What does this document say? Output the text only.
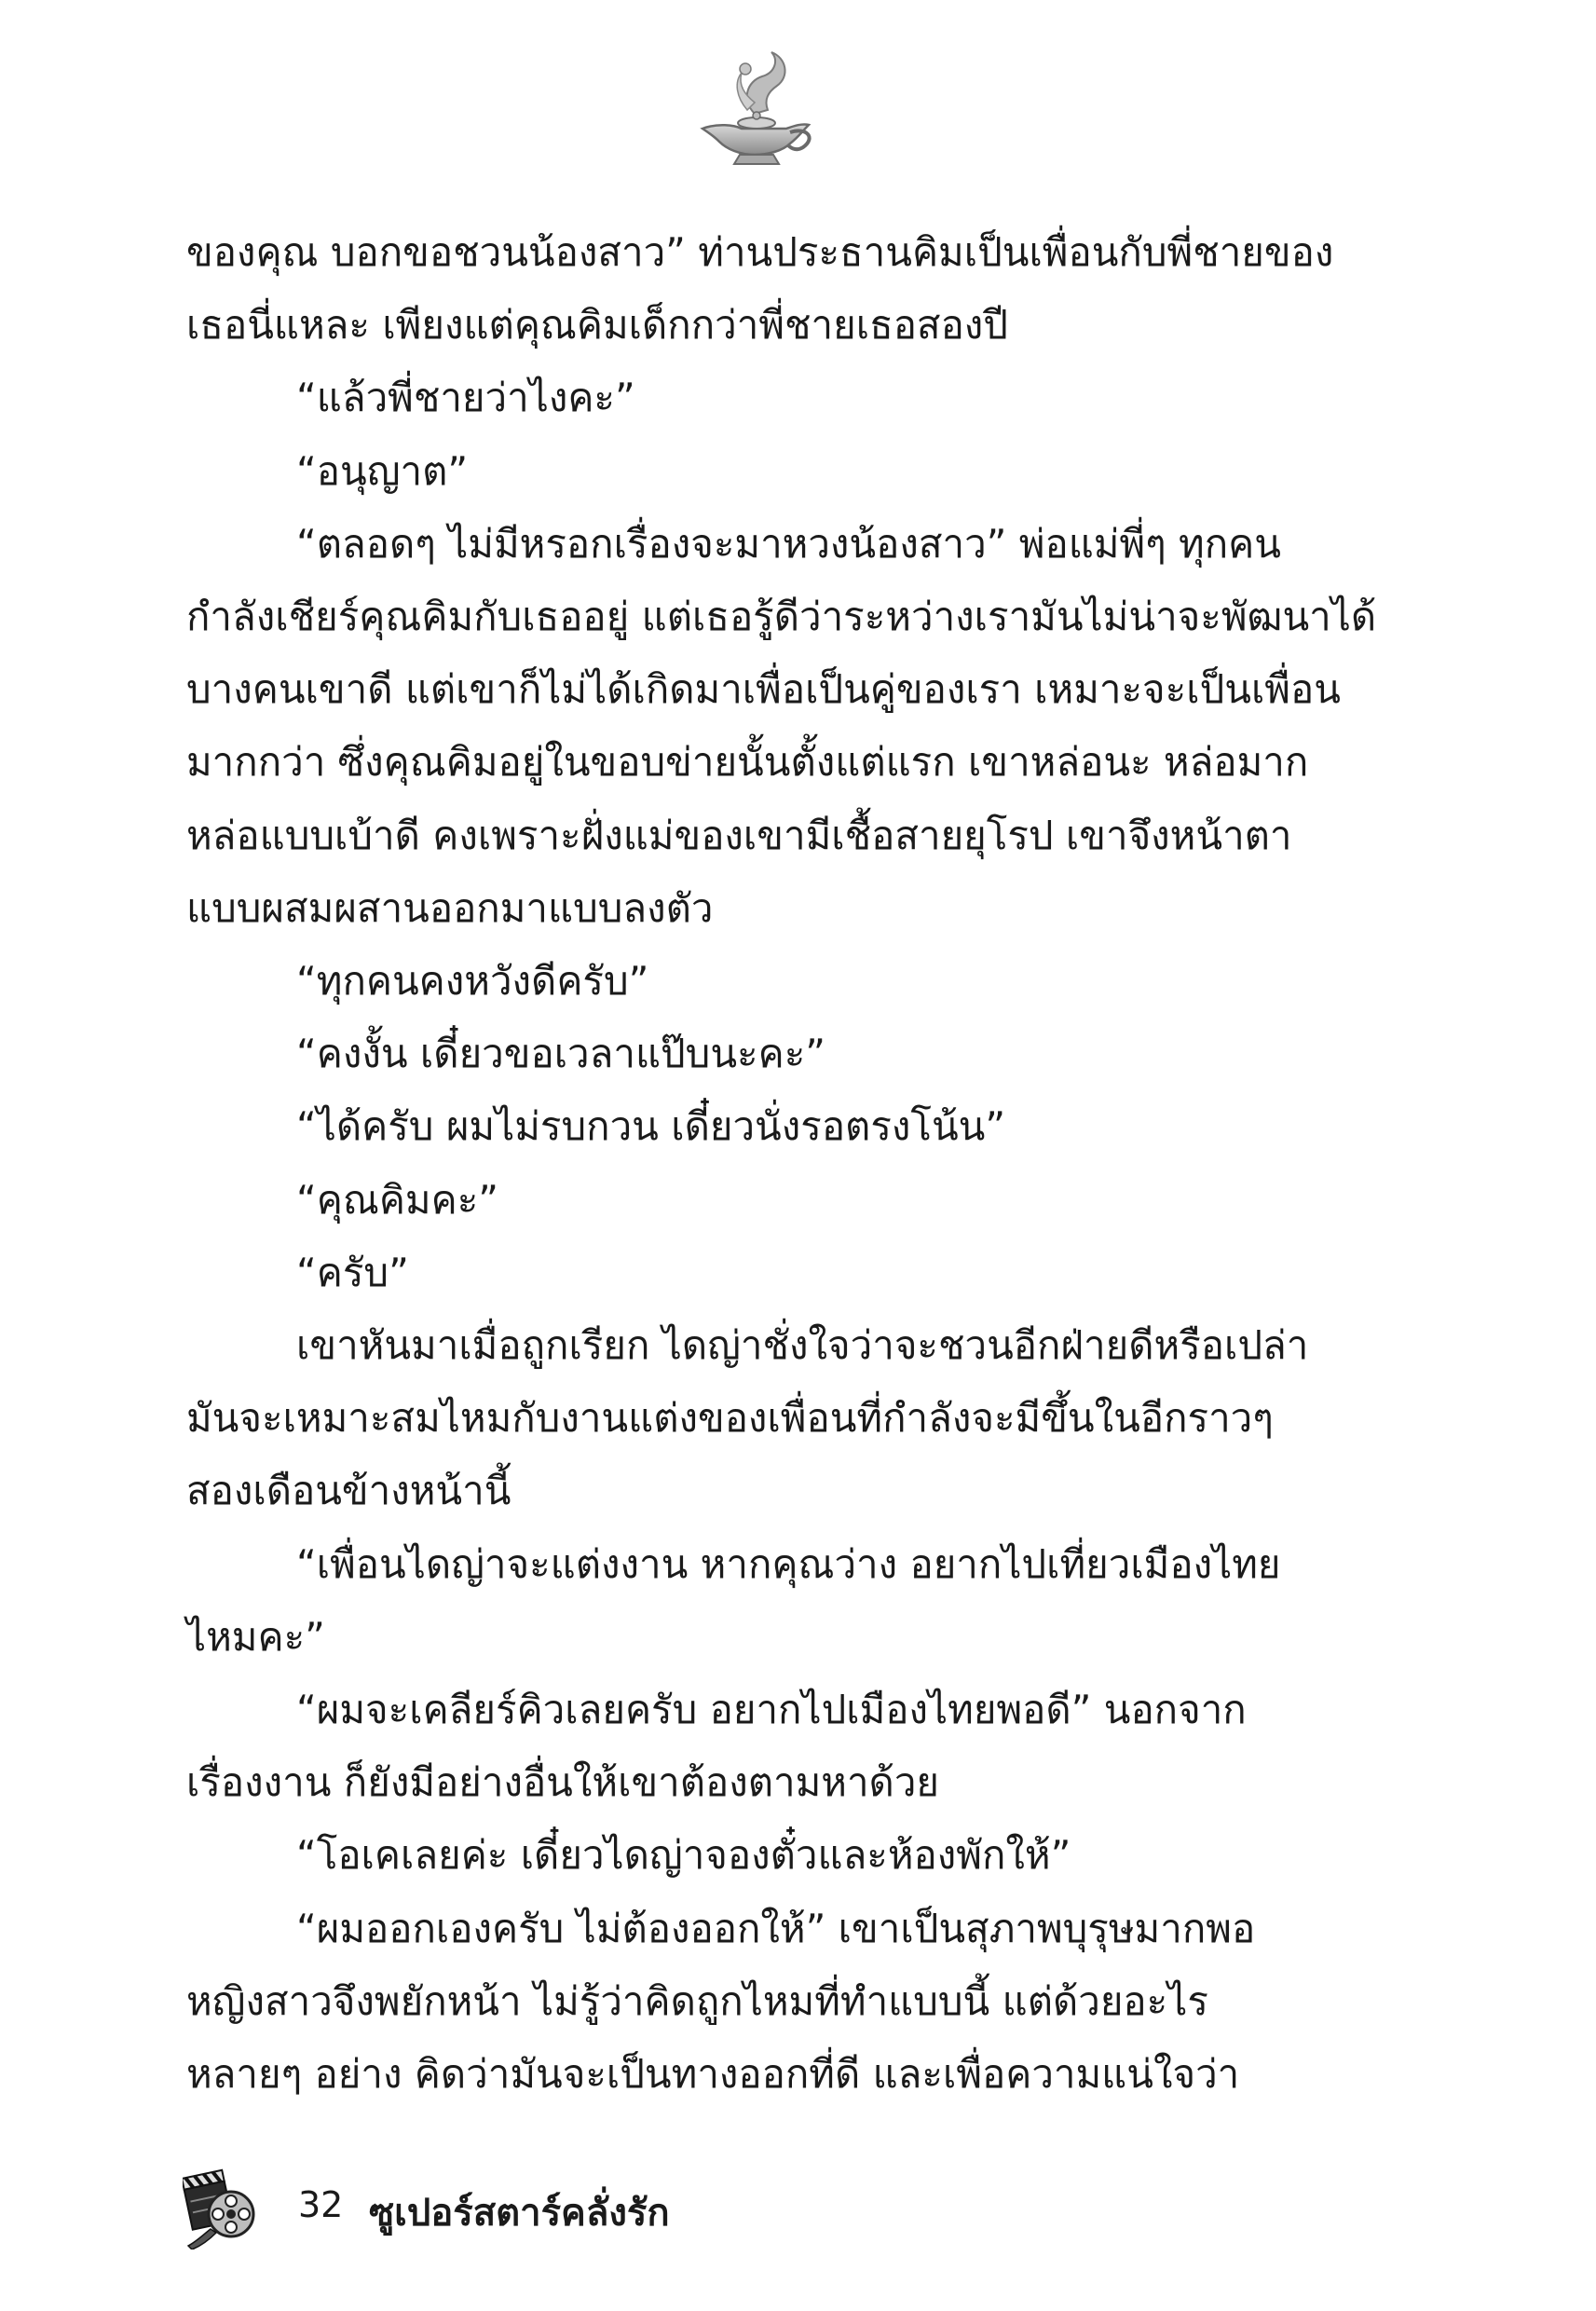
ของคุณ บอกขอชวนน้องสาว” ท่านประธานคิมเป็นเพื่อนกับพี่ชายของ

เธอนี่แหละ เพียงแต่คุณคิมเด็กกว่าพี่ชายเธอสองปี

“แล้วพี่ชายว่าไงคะ”

“อนุญาต”

“ตลอดๆ ไม่มีหรอกเรื่องจะมาหวงน้องสาว” พ่อแม่พี่ๆ ทุกคน

กำลังเชียร์คุณคิมกับเธออยู่ แต่เธอรู้ดีว่าระหว่างเรามันไม่น่าจะพัฒนาได้

บางคนเขาดี แต่เขาก็ไม่ได้เกิดมาเพื่อเป็นคู่ของเรา เหมาะจะเป็นเพื่อน

มากกว่า ซึ่งคุณคิมอยู่ในขอบข่ายนั้นตั้งแต่แรก เขาหล่อนะ หล่อมาก

หล่อแบบเบ้าดี คงเพราะฝั่งแม่ของเขามีเชื้อสายยุโรป เขาจึงหน้าตา

แบบผสมผสานออกมาแบบลงตัว

“ทุกคนคงหวังดีครับ”

“คงงั้น เดี๋ยวขอเวลาแป๊บนะคะ”

“ได้ครับ ผมไม่รบกวน เดี๋ยวนั่งรอตรงโน้น”

“คุณคิมคะ”

“ครับ”

เขาหันมาเมื่อถูกเรียก ไดญ่าชั่งใจว่าจะชวนอีกฝ่ายดีหรือเปล่า

มันจะเหมาะสมไหมกับงานแต่งของเพื่อนที่กำลังจะมีขึ้นในอีกราวๆ

สองเดือนข้างหน้านี้

“เพื่อนไดญ่าจะแต่งงาน หากคุณว่าง อยากไปเที่ยวเมืองไทย

ไหมคะ”

“ผมจะเคลียร์คิวเลยครับ อยากไปเมืองไทยพอดี” นอกจาก

เรื่องงาน ก็ยังมีอย่างอื่นให้เขาต้องตามหาด้วย

“โอเคเลยค่ะ เดี๋ยวไดญ่าจองตั๋วและห้องพักให้”

“ผมออกเองครับ ไม่ต้องออกให้” เขาเป็นสุภาพบุรุษมากพอ

หญิงสาวจึงพยักหน้า ไม่รู้ว่าคิดถูกไหมที่ทำแบบนี้ แต่ด้วยอะไร

หลายๆ อย่าง คิดว่ามันจะเป็นทางออกที่ดี และเพื่อความแน่ใจว่า

32 ซูเปอร์สตาร์คลั่งรัก
